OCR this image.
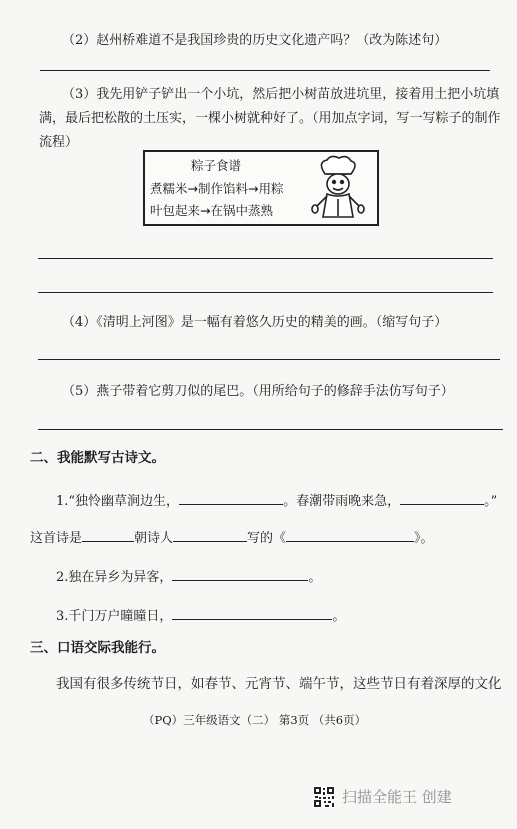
（2）赵州桥难道不是我国珍贵的历史文化遗产吗？（改为陈述句）
（3）我先用铲子铲出一个小坑，然后把小树苗放进坑里，接着用土把小坑填
满，最后把松散的土压实，一棵小树就种好了。（用加点字词，写一写粽子的制作
流程）
粽子食谱
煮糯米→制作馅料→用粽
叶包起来→在锅中蒸熟
（4）《清明上河图》是一幅有着悠久历史的精美的画。（缩写句子）
（5）燕子带着它剪刀似的尾巴。（用所给句子的修辞手法仿写句子）
二、我能默写古诗文。
1.“独怜幽草涧边生，	。春潮带雨晚来急，	。”
这首诗是	朝诗人	写的《	》。
2.独在异乡为异客，	。
3.千门万户曈曈日，	。
三、口语交际我能行。
我国有很多传统节日，如春节、元宵节、端午节，这些节日有着深厚的文化
（PQ）三年级语文（二） 第3页 （共6页）
扫描全能王 创建
